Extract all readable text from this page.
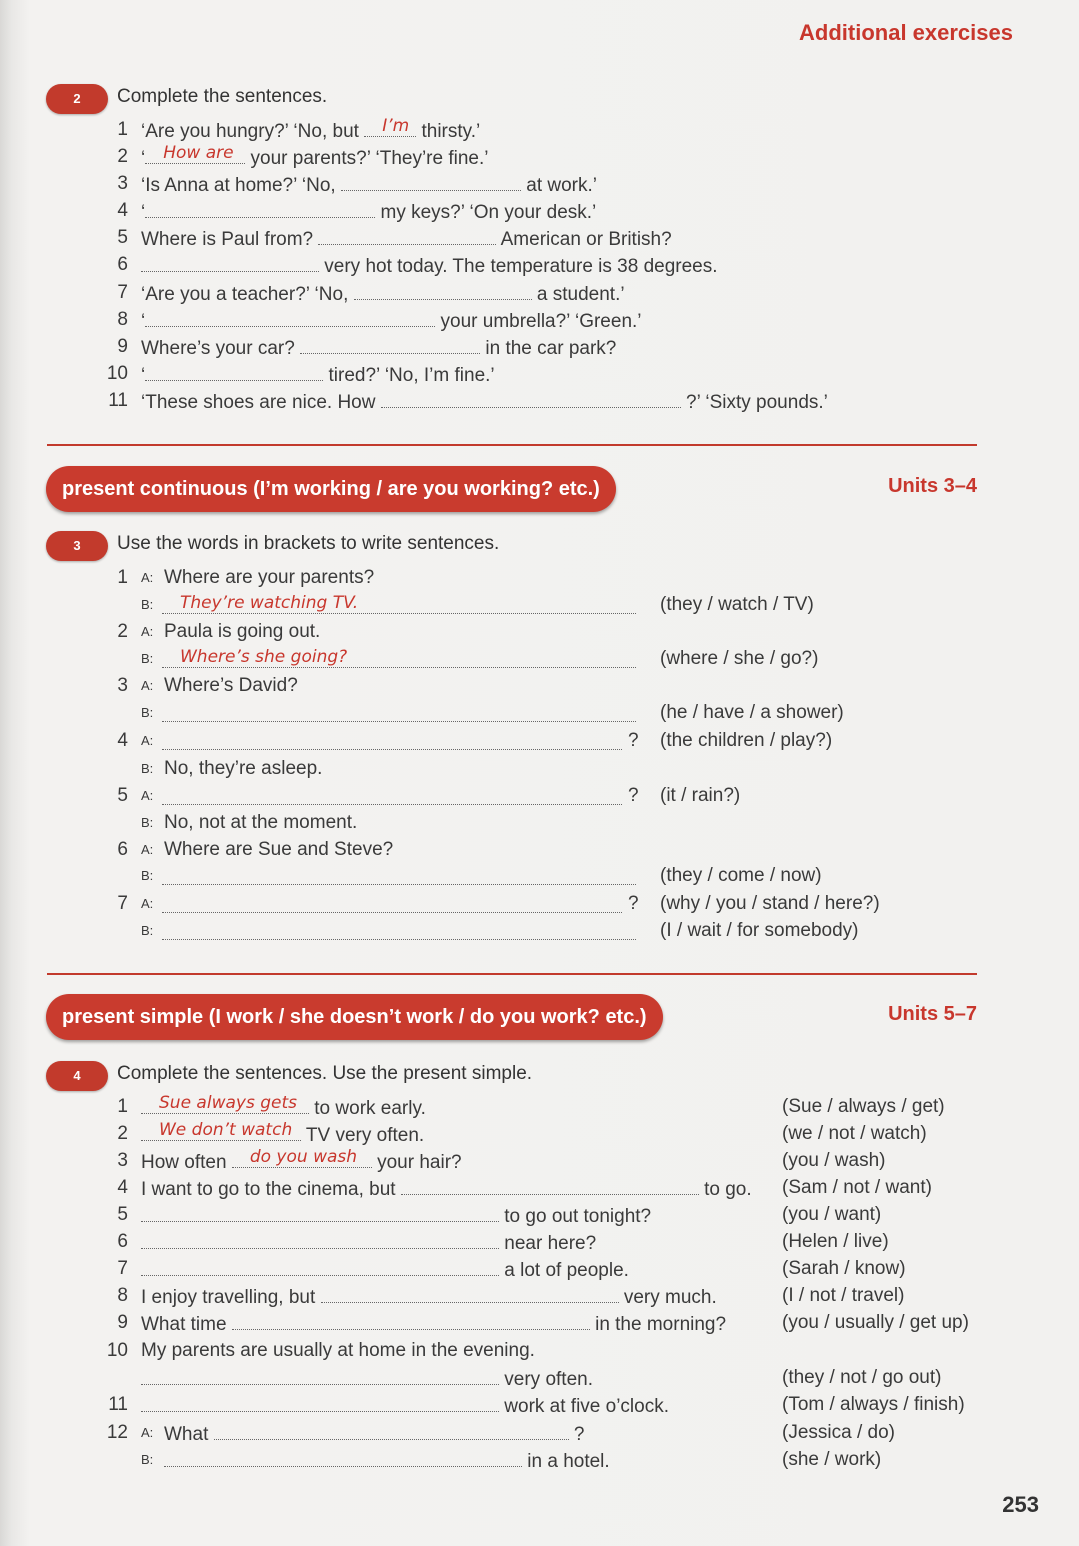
Additional exercises
2	Complete the sentences.
1 ‘Are you hungry?’ ‘No, but I’m thirsty.’
2 ‘ How are your parents?’ ‘They’re fine.’
3 ‘Is Anna at home?’ ‘No,	at work.’
4 ‘	my keys?’ ‘On your desk.’
5 Where is Paul from?	American or British?
6	very hot today. The temperature is 38 degrees.
7 ‘Are you a teacher?’ ‘No,	a student.’
8 ‘	your umbrella?’ ‘Green.’
9 Where’s your car?	in the car park?
10 ‘	tired?’ ‘No, I’m fine.’
11 ‘These shoes are nice. How	?’ ‘Sixty pounds.’
present continuous (I’m working / are you working? etc.)	Units 3–4
3	Use the words in brackets to write sentences.
1 A: Where are your parents?
B: They’re watching TV.	(they / watch / TV)
2 A: Paula is going out.
B: Where’s she going?	(where / she / go?)
3 A: Where’s David?
B:	(he / have / a shower)
4 A:	? (the children / play?)
B: No, they’re asleep.
5 A:	? (it / rain?)
B: No, not at the moment.
6 A: Where are Sue and Steve?
B:	(they / come / now)
7 A:	? (why / you / stand / here?)
B:	(I / wait / for somebody)
present simple (I work / she doesn’t work / do you work? etc.)	Units 5–7
4	Complete the sentences. Use the present simple.
1 Sue always gets to work early.	(Sue / always / get)
2 We don’t watch TV very often.	(we / not / watch)
3 How often do you wash your hair?	(you / wash)
4 I want to go to the cinema, but	to go. (Sam / not / want)
5	to go out tonight?	(you / want)
6	near here?	(Helen / live)
7	a lot of people.	(Sarah / know)
8 I enjoy travelling, but	very much.	(I / not / travel)
9 What time	in the morning?	(you / usually / get up)
10 My parents are usually at home in the evening.
very often.	(they / not / go out)
11	work at five o’clock.	(Tom / always / finish)
12 A: What	?	(Jessica / do)
B:	in a hotel.	(she / work)
253
